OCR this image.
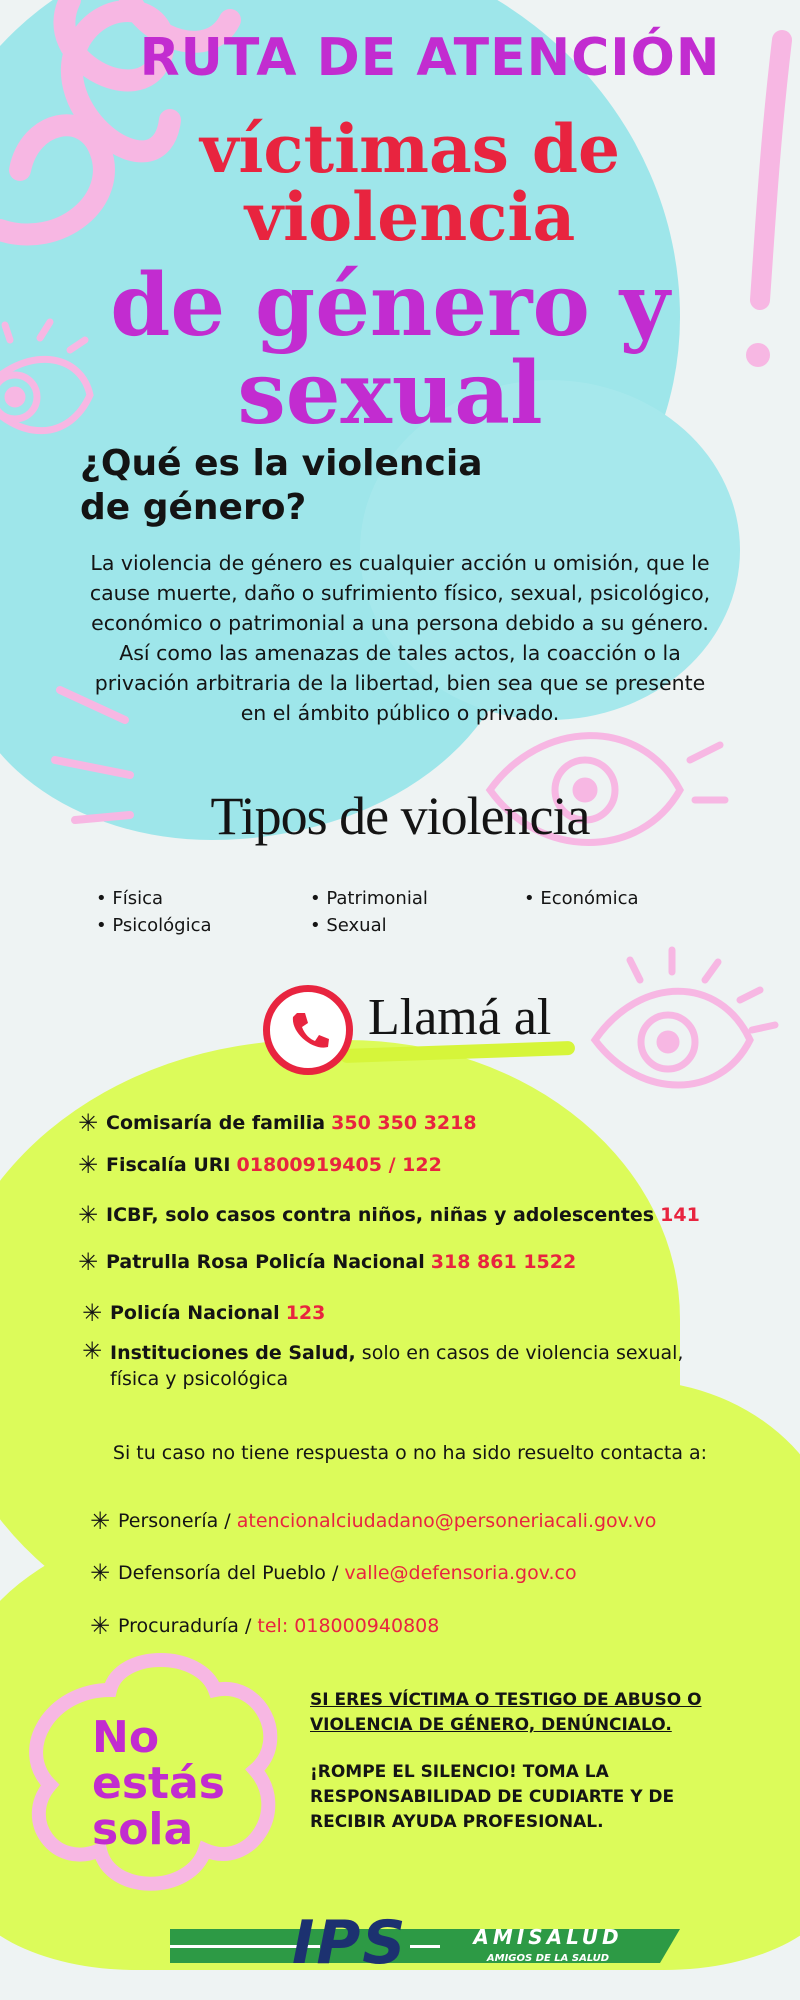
RUTA DE ATENCIÓN
víctimas de
violencia
de género y
sexual
¿Qué es la violencia
de género?
La violencia de género es cualquier acción u omisión, que le cause muerte, daño o sufrimiento físico, sexual, psicológico, económico o patrimonial a una persona debido a su género. Así como las amenazas de tales actos, la coacción o la privación arbitraria de la libertad, bien sea que se presente en el ámbito público o privado.
Tipos de violencia
• Física	• Patrimonial	• Económica
• Psicológica	• Sexual
Llamá al
✳ Comisaría de familia 350 350 3218
✳ Fiscalía URI 01800919405 / 122
✳ ICBF, solo casos contra niños, niñas y adolescentes 141
✳ Patrulla Rosa Policía Nacional 318 861 1522
✳ Policía Nacional 123
✳ Instituciones de Salud, solo en casos de violencia sexual, física y psicológica
Si tu caso no tiene respuesta o no ha sido resuelto contacta a:
✳ Personería / atencionalciudadano@personeriacali.gov.vo
✳ Defensoría del Pueblo / valle@defensoria.gov.co
✳ Procuraduría / tel: 018000940808
No
estás
sola
SI ERES VÍCTIMA O TESTIGO DE ABUSO O VIOLENCIA DE GÉNERO, DENÚNCIALO.
¡ROMPE EL SILENCIO! TOMA LA RESPONSABILIDAD DE CUDIARTE Y DE RECIBIR AYUDA PROFESIONAL.
IPS	AMISALUD
AMIGOS DE LA SALUD
